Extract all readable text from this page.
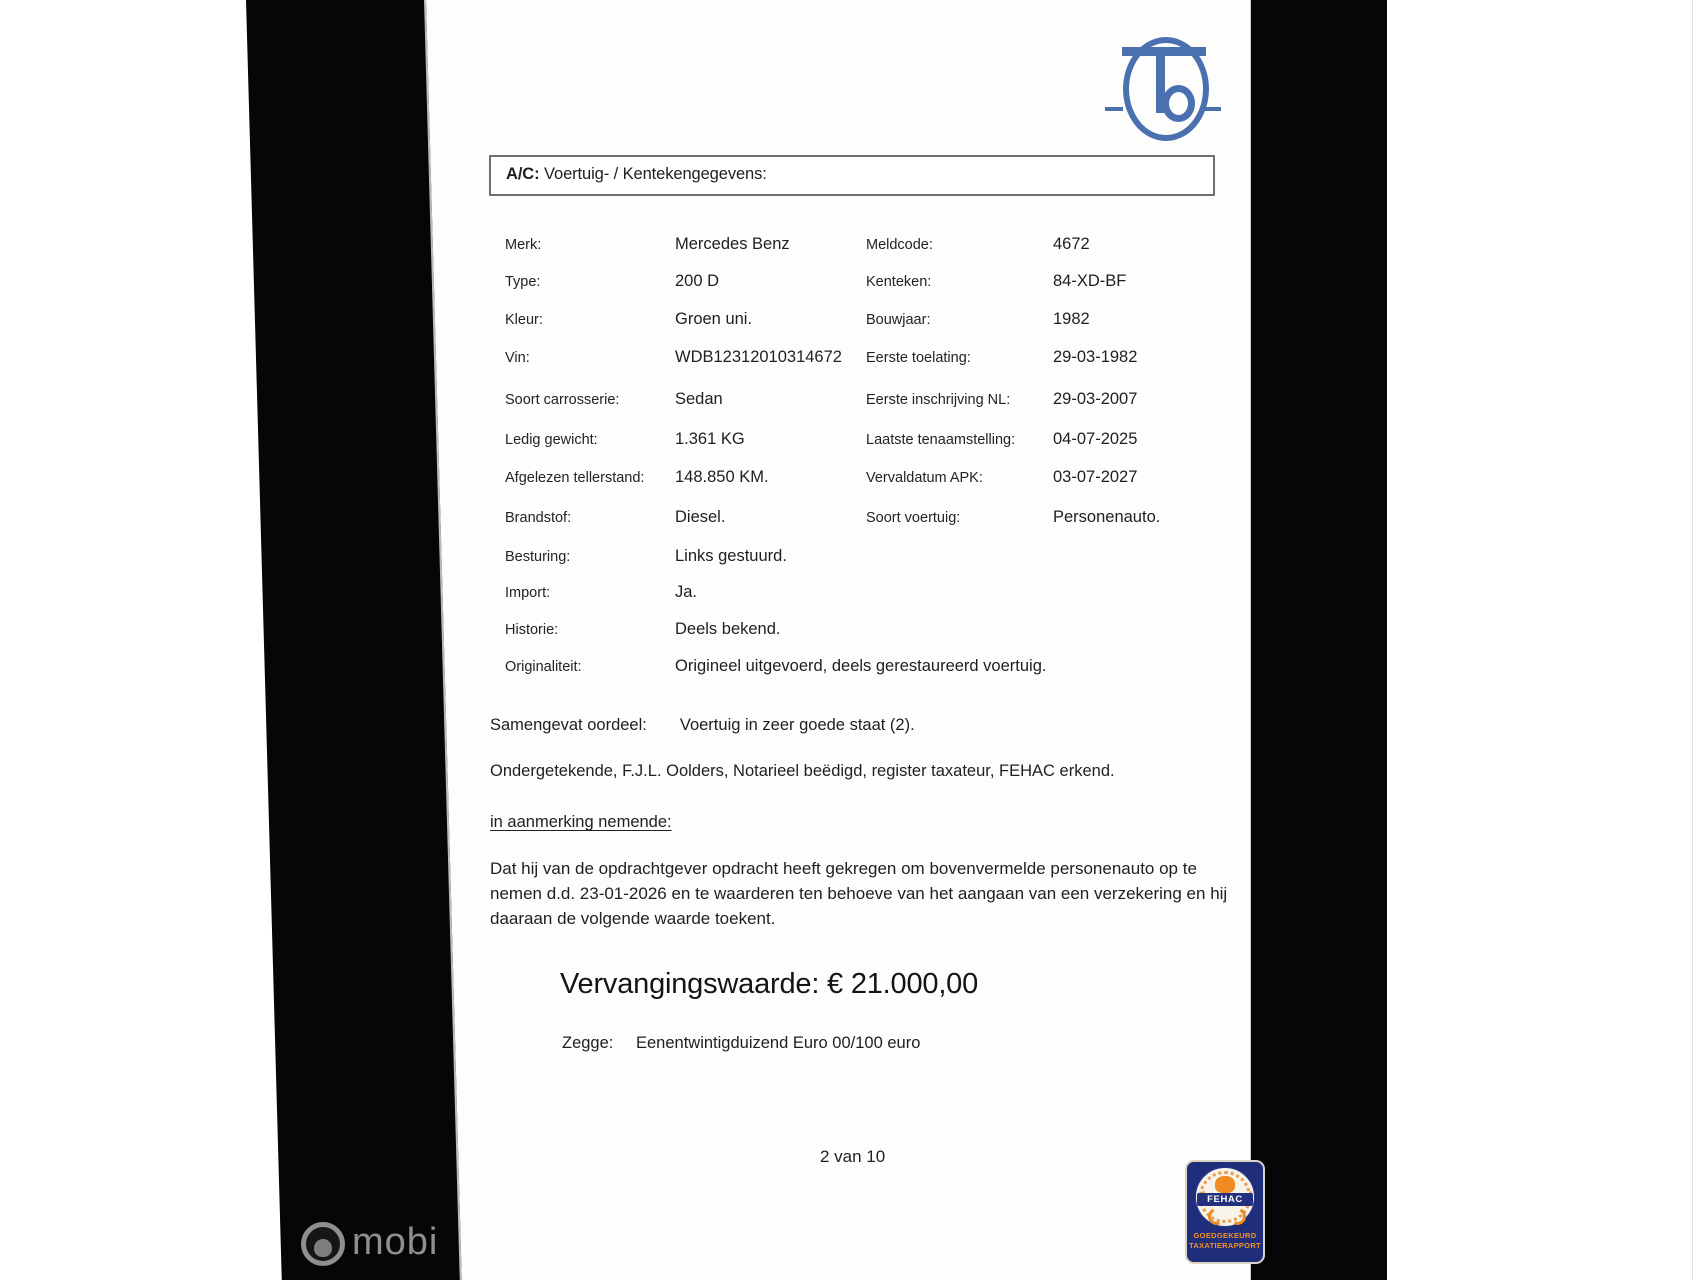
A/C: Voertuig- / Kentekengegevens:
Merk:	Mercedes Benz	Meldcode:	4672
Type:	200 D	Kenteken:	84-XD-BF
Kleur:	Groen uni.	Bouwjaar:	1982
Vin:	WDB12312010314672 Eerste toelating:	29-03-1982
Soort carrosserie:	Sedan	Eerste inschrijving NL:	29-03-2007
Ledig gewicht:	1.361 KG	Laatste tenaamstelling: 04-07-2025
Afgelezen tellerstand: 148.850 KM.	Vervaldatum APK:	03-07-2027
Brandstof:	Diesel.	Soort voertuig:	Personenauto.
Besturing:	Links gestuurd.
Import:	Ja.
Historie:	Deels bekend.
Originaliteit:	Origineel uitgevoerd, deels gerestaureerd voertuig.
Samengevat oordeel: Voertuig in zeer goede staat (2).
Ondergetekende, F.J.L. Oolders, Notarieel beëdigd, register taxateur, FEHAC erkend.
in aanmerking nemende:
Dat hij van de opdrachtgever opdracht heeft gekregen om bovenvermelde personenauto op te
nemen d.d. 23-01-2026 en te waarderen ten behoeve van het aangaan van een verzekering en hij
daaraan de volgende waarde toekent.
Vervangingswaarde: € 21.000,00
Zegge: Eenentwintigduizend Euro 00/100 euro
2 van 10
FEHAC
GOEDGEKEURD
TAXATIERAPPORT
mobi
